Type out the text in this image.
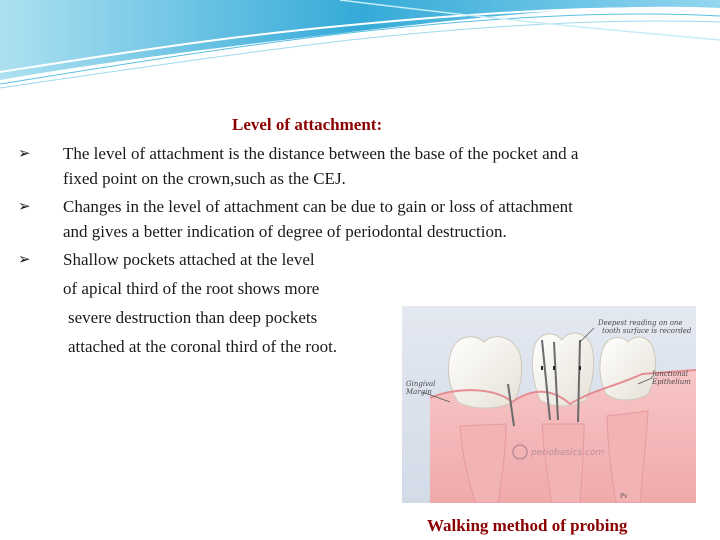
Level of attachment:
➢ The level of attachment is the distance between the base of the pocket and a
fixed point on the crown,such as the CEJ.
➢ Changes in the level of attachment can be due to gain or loss of attachment
and gives a better indication of degree of periodontal destruction.
➢ Shallow pockets attached at the level
of apical third of the root shows more
severe destruction than deep pockets
attached at the coronal third of the root.
Deepest reading on one
tooth surface is recorded
Gingival
Margin
Junctional
Epithelium
periobasics.com
Pv
Walking method of probing
